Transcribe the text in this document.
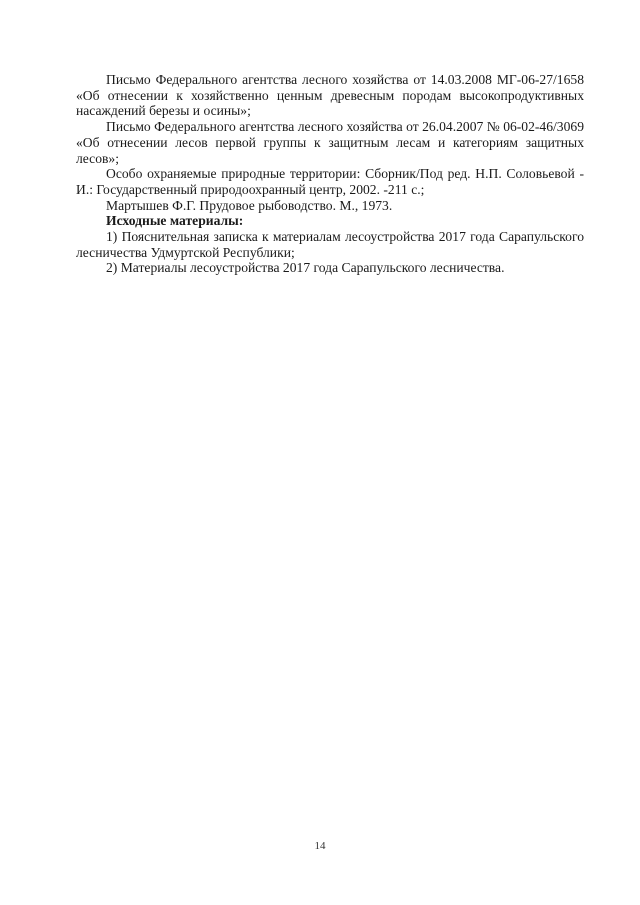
Письмо Федерального агентства лесного хозяйства от 14.03.2008 МГ-06-27/1658 «Об отнесении к хозяйственно ценным древесным породам высокопродуктивных насаждений березы и осины»;

Письмо Федерального агентства лесного хозяйства от 26.04.2007 № 06-02-46/3069 «Об отнесении лесов первой группы к защитным лесам и категориям защитных лесов»;

Особо охраняемые природные территории: Сборник/Под ред. Н.П. Соловьевой - И.: Государственный природоохранный центр, 2002. -211 с.;

Мартышев Ф.Г. Прудовое рыбоводство. М., 1973.

Исходные материалы:

1) Пояснительная записка к материалам лесоустройства 2017 года Сарапульского лесничества Удмуртской Республики;

2) Материалы лесоустройства 2017 года Сарапульского лесничества.

14
